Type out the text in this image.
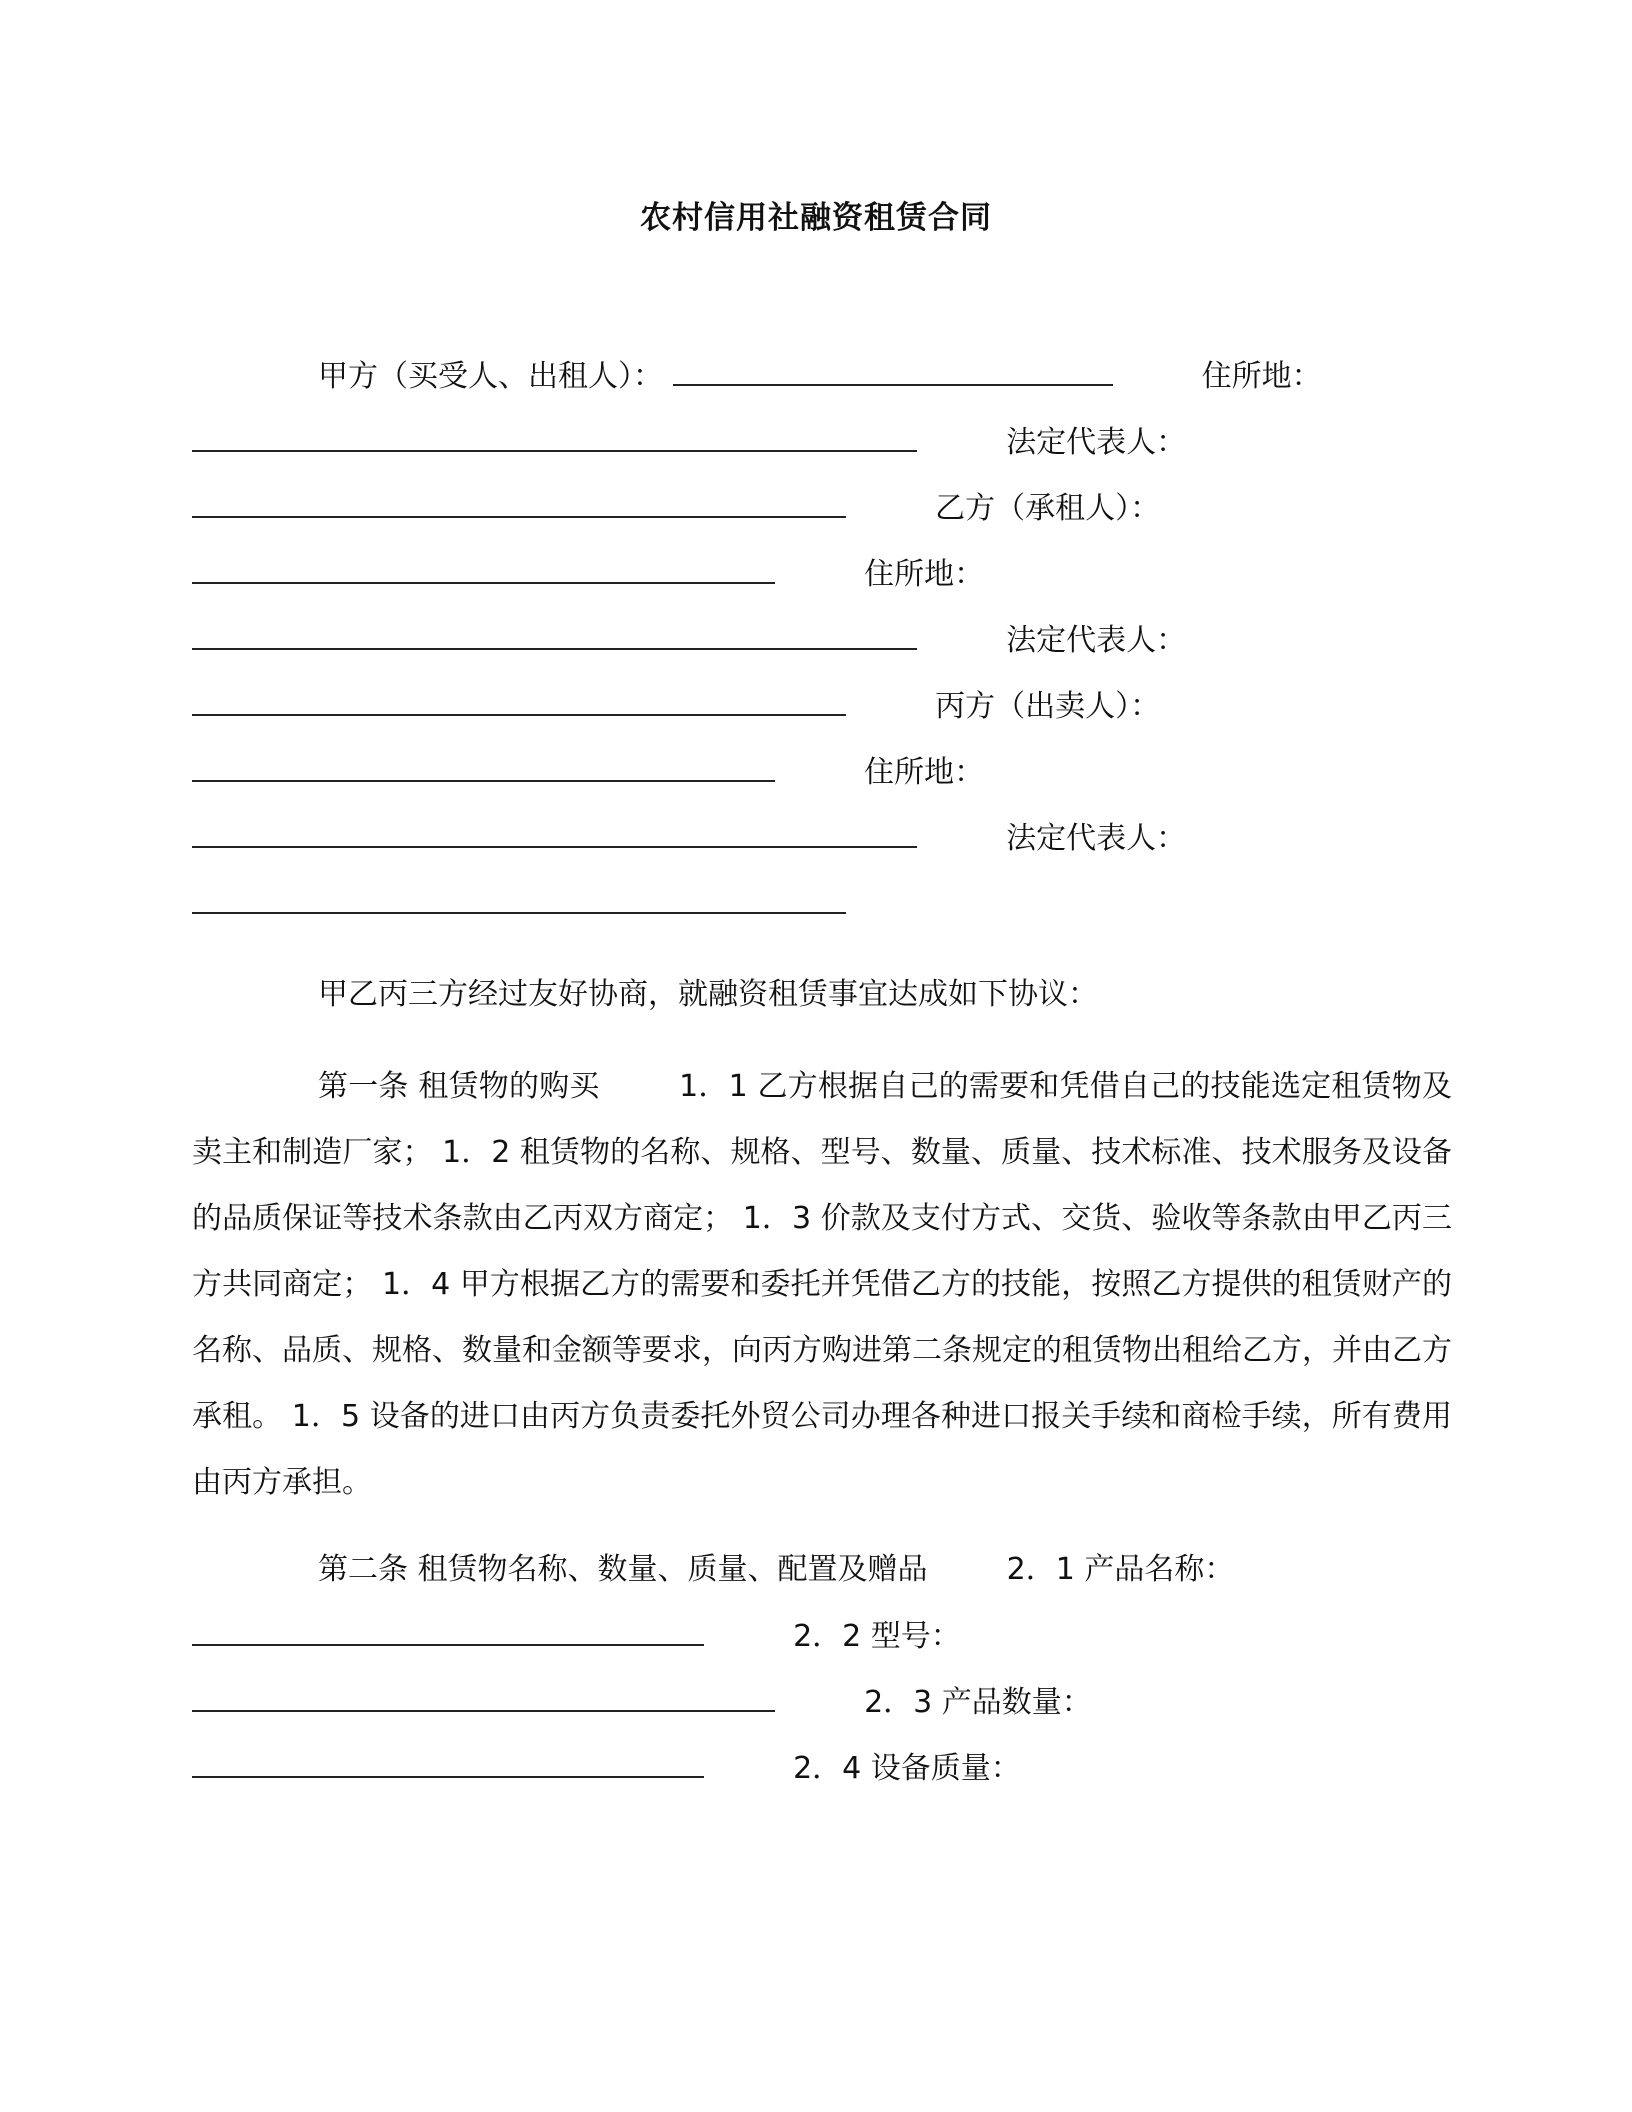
农村信用社融资租赁合同
甲方（买受人、出租人）：	住所地：
法定代表人：
乙方（承租人）：
住所地：
法定代表人：
丙方（出卖人）：
住所地：
法定代表人：
甲乙丙三方经过友好协商，就融资租赁事宜达成如下协议：
第一条 租赁物的购买	1．1 乙方根据自己的需要和凭借自己的技能选定租赁物及卖主和制造厂家； 1．2 租赁物的名称、规格、型号、数量、质量、技术标准、技术服务及设备的品质保证等技术条款由乙丙双方商定； 1．3 价款及支付方式、交货、验收等条款由甲乙丙三方共同商定； 1．4 甲方根据乙方的需要和委托并凭借乙方的技能，按照乙方提供的租赁财产的名称、品质、规格、数量和金额等要求，向丙方购进第二条规定的租赁物出租给乙方，并由乙方承租。 1．5 设备的进口由丙方负责委托外贸公司办理各种进口报关手续和商检手续，所有费用由丙方承担。
第二条 租赁物名称、数量、质量、配置及赠品	2．1 产品名称：
2．2 型号：
2．3 产品数量：
2．4 设备质量：
